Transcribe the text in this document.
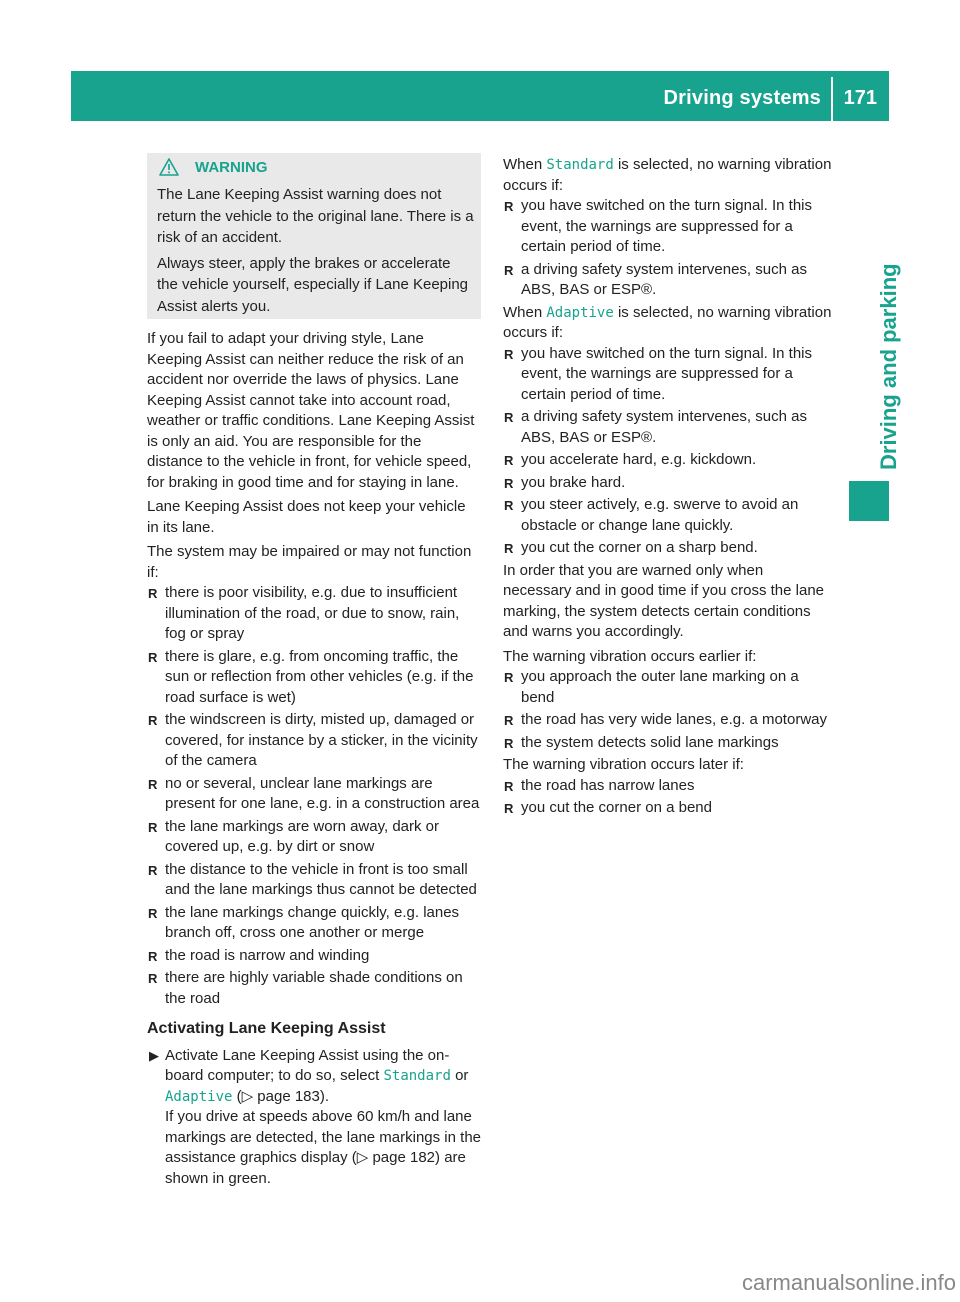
Driving systems 171
Driving and parking
WARNING

The Lane Keeping Assist warning does not return the vehicle to the original lane. There is a risk of an accident.

Always steer, apply the brakes or accelerate the vehicle yourself, especially if Lane Keeping Assist alerts you.

If you fail to adapt your driving style, Lane Keeping Assist can neither reduce the risk of an accident nor override the laws of physics. Lane Keeping Assist cannot take into account road, weather or traffic conditions. Lane Keeping Assist is only an aid. You are responsible for the distance to the vehicle in front, for vehicle speed, for braking in good time and for staying in lane.

Lane Keeping Assist does not keep your vehicle in its lane.

The system may be impaired or may not function if:

R there is poor visibility, e.g. due to insufficient illumination of the road, or due to snow, rain, fog or spray
R there is glare, e.g. from oncoming traffic, the sun or reflection from other vehicles (e.g. if the road surface is wet)
R the windscreen is dirty, misted up, damaged or covered, for instance by a sticker, in the vicinity of the camera
R no or several, unclear lane markings are present for one lane, e.g. in a construction area
R the lane markings are worn away, dark or covered up, e.g. by dirt or snow
R the distance to the vehicle in front is too small and the lane markings thus cannot be detected
R the lane markings change quickly, e.g. lanes branch off, cross one another or merge
R the road is narrow and winding
R there are highly variable shade conditions on the road
Activating Lane Keeping Assist
▶ Activate Lane Keeping Assist using the on-board computer; to do so, select Standard or Adaptive (▷ page 183).
If you drive at speeds above 60 km/h and lane markings are detected, the lane markings in the assistance graphics display (▷ page 182) are shown in green.

When Standard is selected, no warning vibration occurs if:

R you have switched on the turn signal. In this event, the warnings are suppressed for a certain period of time.
R a driving safety system intervenes, such as ABS, BAS or ESP®.

When Adaptive is selected, no warning vibration occurs if:

R you have switched on the turn signal. In this event, the warnings are suppressed for a certain period of time.
R a driving safety system intervenes, such as ABS, BAS or ESP®.
R you accelerate hard, e.g. kickdown.
R you brake hard.
R you steer actively, e.g. swerve to avoid an obstacle or change lane quickly.
R you cut the corner on a sharp bend.

In order that you are warned only when necessary and in good time if you cross the lane marking, the system detects certain conditions and warns you accordingly.

The warning vibration occurs earlier if:

R you approach the outer lane marking on a bend
R the road has very wide lanes, e.g. a motorway
R the system detects solid lane markings

The warning vibration occurs later if:

R the road has narrow lanes
R you cut the corner on a bend
carmanualsonline.info
